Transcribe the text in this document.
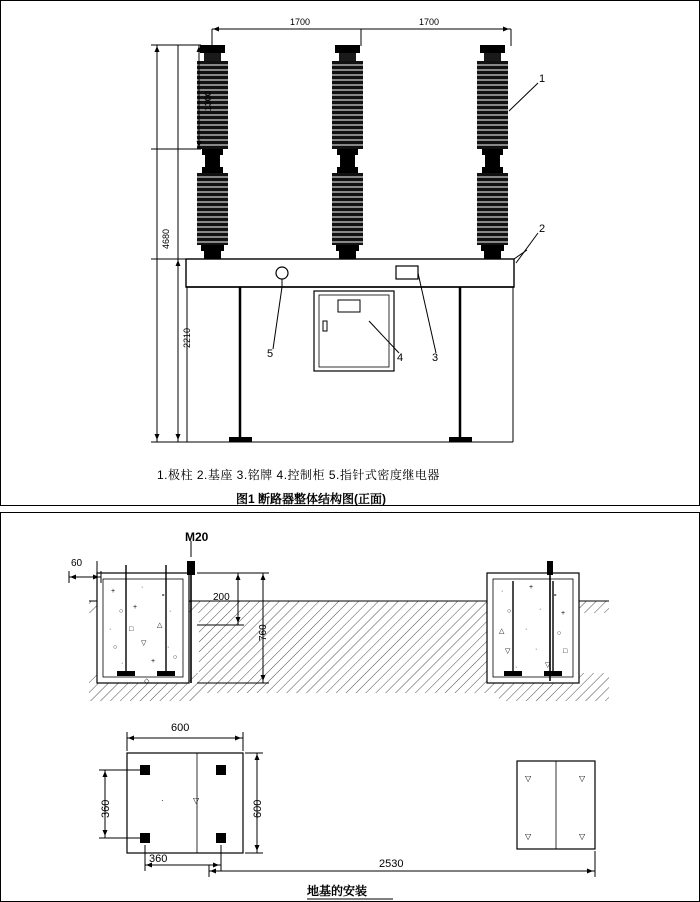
1700	1700
1300
4680
2210
1
2
3
4
5
1.极柱 2.基座 3.铭牌 4.控制柜 5.指针式密度继电器
图1 断路器整体结构图(正面)
+
·
∘
○
+
·
·	□
△
○
▽
·
·	+
○
◇
·
+
∘
○	·
+
△	·
○
▽	·	□
·	▽
▽
·
▽	▽
▽	▽
M20
60
200
760
600
600
360
360	2530
地基的安装
